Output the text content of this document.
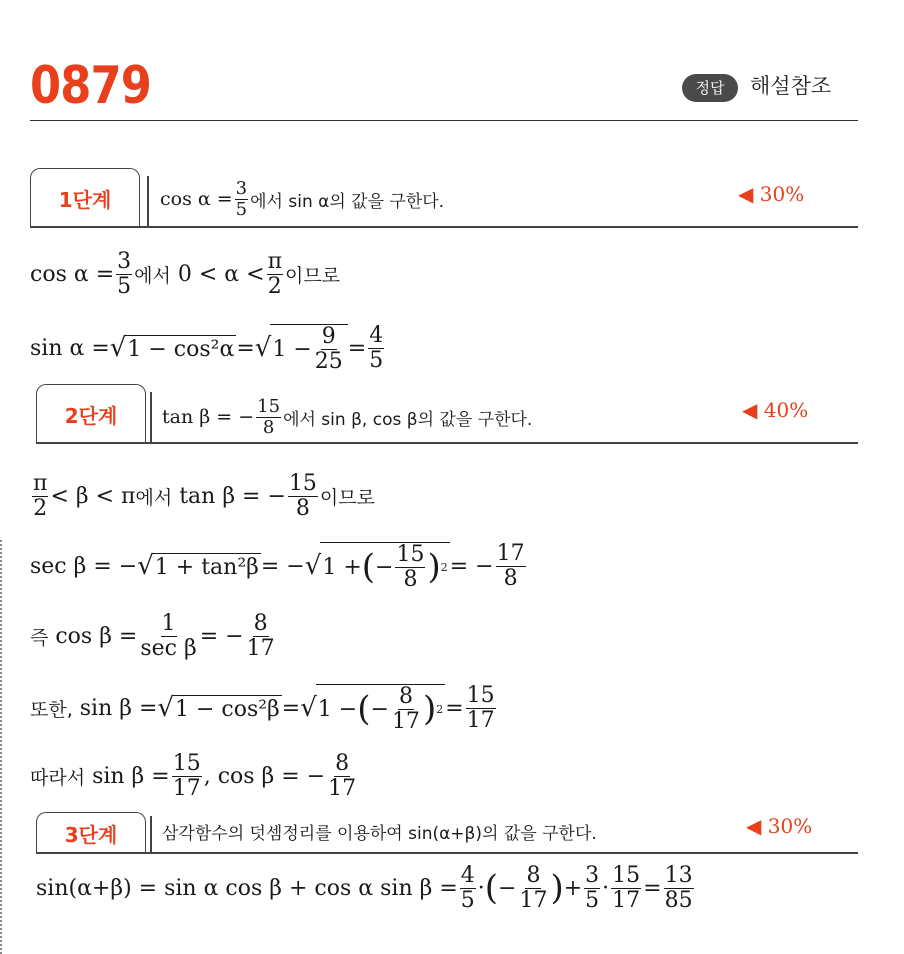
0879	정답	해설참조
1단계	$\cos \alpha = \frac{3}{5}$ 에서 sin α의 값을 구한다.	◀ 30%
$\cos \alpha = \frac{3}{5}$ 에서
$0 < \alpha < \frac{\pi}{2}$ 이므로
sin α = √ 1 − cos²α = √ $1 - \frac{9}{25} = \frac{4}{5}$
2단계	tan β = − $\frac{15}{8}$ 에서 sin β, cos β의 값을 구한다.	◀ 40%
$\frac{\pi}{2} < \beta < \pi$ 에서
tan β = − $\frac{15}{8}$ 이므로
sec β = − √ 1 + tan²β = − √ 1 + ( − $\frac{15}{8}$ ) 2 = − $\frac{17}{8}$
즉
$\cos \beta = \frac{1}{\text{sec β}}$ = − $\frac{8}{17}$
또한,
sin β = √ 1 − cos²β = √ 1 − ( − $\frac{8}{17}$ ) $2 = \frac{15}{17}$
따라서
$\sin \beta = \frac{15}{17}$ ,
cos β = − $\frac{8}{17}$
3단계	삼각함수의 덧셈정리를 이용하여 sin(α+β)의 값을 구한다.	◀ 30%
sin(α+β) = sin α cos β + cos α $\sin \beta = \frac{4}{5}$ · ( − $\frac{8}{17}$ ) + $\frac{3}{5} \cdot \frac{15}{17} = \frac{13}{85}$
